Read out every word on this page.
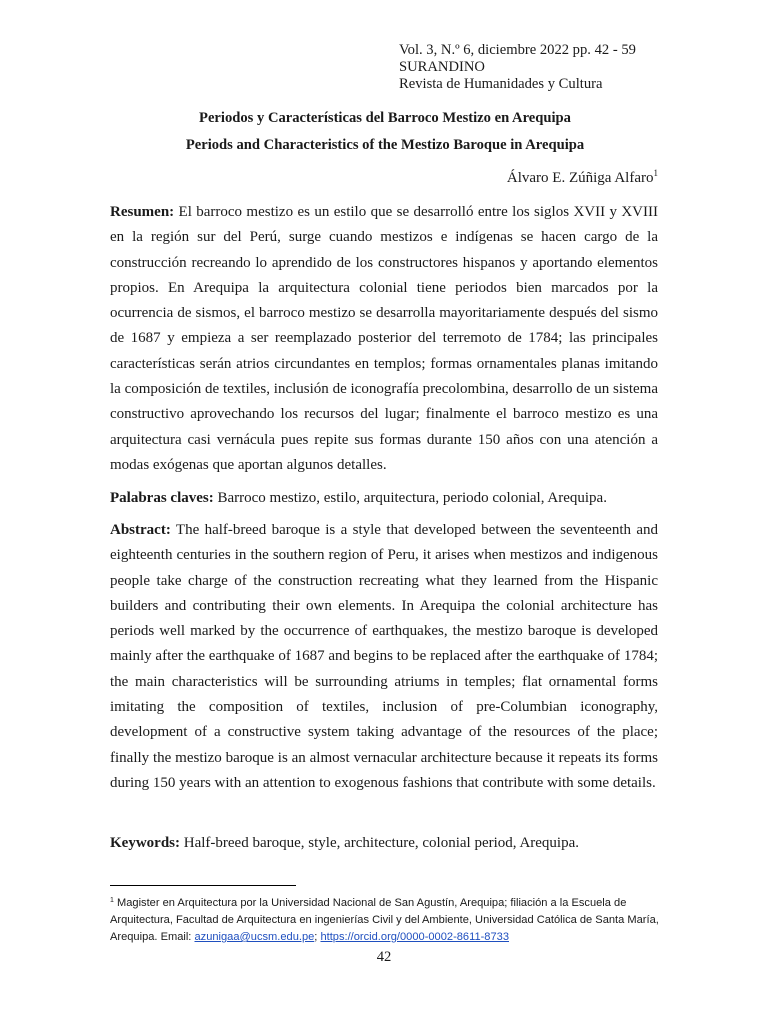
Vol. 3, N.º 6, diciembre 2022 pp. 42 - 59
SURANDINO
Revista de Humanidades y Cultura
Periodos y Características del Barroco Mestizo en Arequipa
Periods and Characteristics of the Mestizo Baroque in Arequipa
Álvaro E. Zúñiga Alfaro$^1$

Resumen: El barroco mestizo es un estilo que se desarrolló entre los siglos XVII y XVIII en la región sur del Perú, surge cuando mestizos e indígenas se hacen cargo de la construcción recreando lo aprendido de los constructores hispanos y aportando elementos propios. En Arequipa la arquitectura colonial tiene periodos bien marcados por la ocurrencia de sismos, el barroco mestizo se desarrolla mayoritariamente después del sismo de 1687 y empieza a ser reemplazado posterior del terremoto de 1784; las principales características serán atrios circundantes en templos; formas ornamentales planas imitando la composición de textiles, inclusión de iconografía precolombina, desarrollo de un sistema constructivo aprovechando los recursos del lugar; finalmente el barroco mestizo es una arquitectura casi vernácula pues repite sus formas durante 150 años con una atención a modas exógenas que aportan algunos detalles.

Palabras claves: Barroco mestizo, estilo, arquitectura, periodo colonial, Arequipa.

Abstract: The half-breed baroque is a style that developed between the seventeenth and eighteenth centuries in the southern region of Peru, it arises when mestizos and indigenous people take charge of the construction recreating what they learned from the Hispanic builders and contributing their own elements. In Arequipa the colonial architecture has periods well marked by the occurrence of earthquakes, the mestizo baroque is developed mainly after the earthquake of 1687 and begins to be replaced after the earthquake of 1784; the main characteristics will be surrounding atriums in temples; flat ornamental forms imitating the composition of textiles, inclusion of pre-Columbian iconography, development of a constructive system taking advantage of the resources of the place; finally the mestizo baroque is an almost vernacular architecture because it repeats its forms during 150 years with an attention to exogenous fashions that contribute with some details.

Keywords: Half-breed baroque, style, architecture, colonial period, Arequipa.

$^1$ Magister en Arquitectura por la Universidad Nacional de San Agustín, Arequipa; filiación a la Escuela de Arquitectura, Facultad de Arquitectura en ingenierías Civil y del Ambiente, Universidad Católica de Santa María, Arequipa. Email: azunigaa@ucsm.edu.pe; https://orcid.org/0000-0002-8611-8733

42
